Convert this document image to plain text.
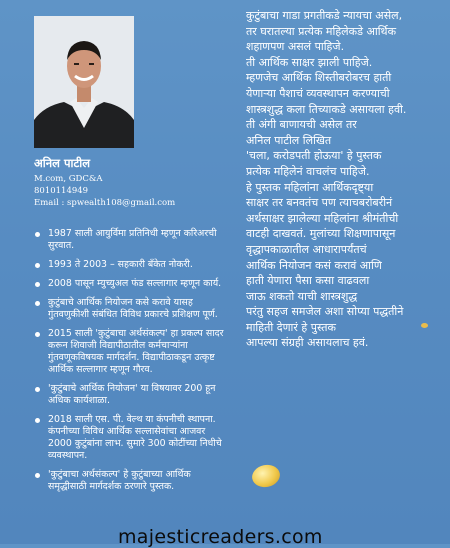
अनिल पाटील
M.com, GDC&A
8010114949
Email : spwealth108@gmail.com
1987 साली आयुर्विमा प्रतिनिधी म्हणून करिअरची सुरवात.
1993 ते 2003 – सहकारी बँकेत नोकरी.
2008 पासून म्युच्युअल फंड सल्लागार म्हणून कार्य.
कुटुंबाचे आर्थिक नियोजन कसे करावे यासह गुंतवणुकीशी संबंधित विविध प्रकारचे प्रशिक्षण पूर्ण.
2015 साली 'कुटुंबाचा अर्थसंकल्प' हा प्रकल्प सादर करून शिवाजी विद्यापीठातील कर्मचाऱ्यांना गुंतवणूकविषयक मार्गदर्शन. विद्यापीठाकडून उत्कृष्ट आर्थिक सल्लागार म्हणून गौरव.
'कुटुंबाचे आर्थिक नियोजन' या विषयावर 200 हून अधिक कार्यशाळा.
2018 साली एस. पी. वेल्थ या कंपनीची स्थापना. कंपनीच्या विविध आर्थिक सल्लासेवांचा आजवर 2000 कुटुंबांना लाभ. सुमारे 300 कोटींच्या निधीचे व्यवस्थापन.
'कुटुंबाचा अर्थसंकल्प' हे कुटुंबाच्या आर्थिक समृद्धीसाठी मार्गदर्शक ठरणारे पुस्तक.
कुटुंबाचा गाडा प्रगतीकडे न्यायचा असेल,
तर घरातल्या प्रत्येक महिलेकडे आर्थिक
शहाणपण असलं पाहिजे.
ती आर्थिक साक्षर झाली पाहिजे.
म्हणजेच आर्थिक शिस्तीबरोबरच हाती
येणाऱ्या पैशाचं व्यवस्थापन करण्याची
शास्त्रशुद्ध कला तिच्याकडे असायला हवी.
ती अंगी बाणायची असेल तर
अनिल पाटील लिखित
'चला, करोडपती होऊया' हे पुस्तक
प्रत्येक महिलेनं वाचलंच पाहिजे.
हे पुस्तक महिलांना आर्थिकदृष्ट्या
साक्षर तर बनवतंच पण त्याचबरोबरीनं
अर्थसाक्षर झालेल्या महिलांना श्रीमंतीची
वाटही दाखवतं. मुलांच्या शिक्षणापासून
वृद्धापकाळातील आधारापर्यंतचं
आर्थिक नियोजन कसं करावं आणि
हाती येणारा पैसा कसा वाढवला
जाऊ शकतो याची शास्त्रशुद्ध
परंतु सहज समजेल अशा सोप्या पद्धतीने
माहिती देणारं हे पुस्तक
आपल्या संग्रही असायलाच हवं.
majesticreaders.com
